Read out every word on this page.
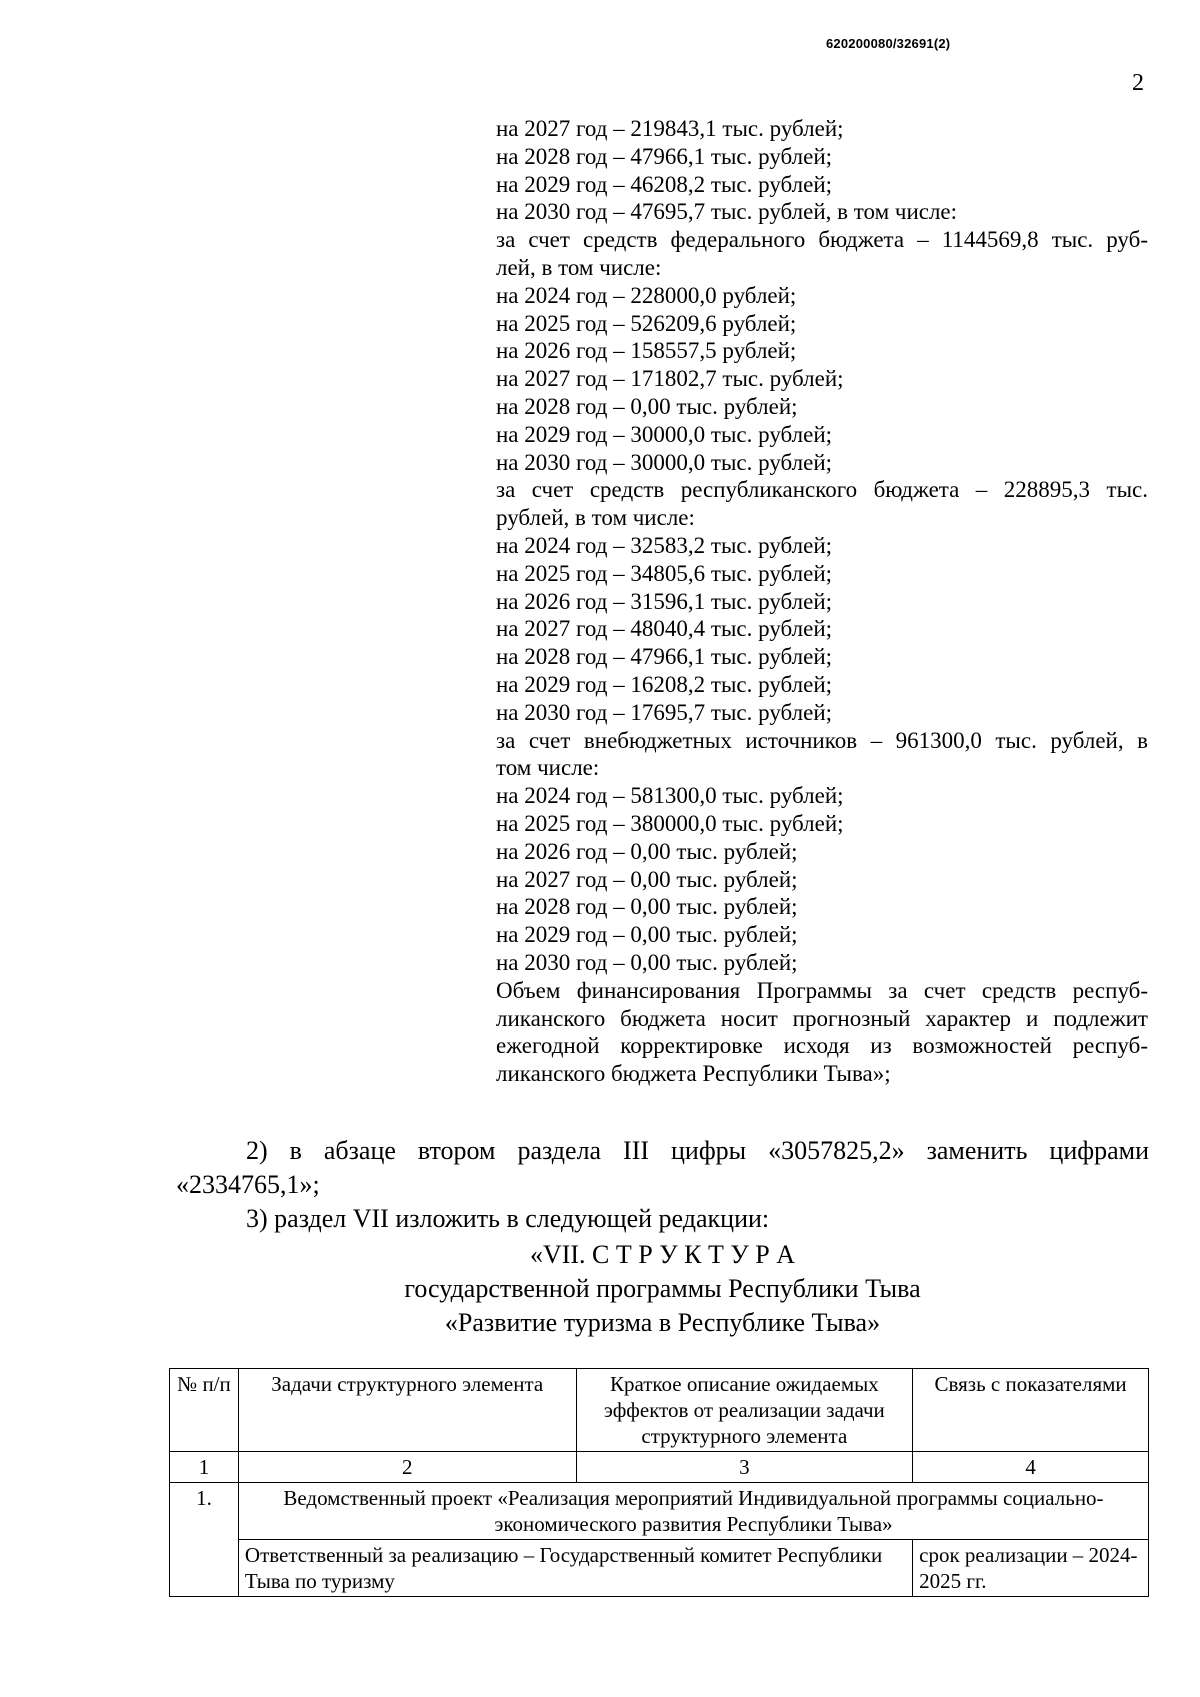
620200080/32691(2)
2
на 2027 год – 219843,1 тыс. рублей;
на 2028 год – 47966,1 тыс. рублей;
на 2029 год – 46208,2 тыс. рублей;
на 2030 год – 47695,7 тыс. рублей, в том числе:
за счет средств федерального бюджета – 1144569,8 тыс. руб-
лей, в том числе:
на 2024 год – 228000,0 рублей;
на 2025 год – 526209,6 рублей;
на 2026 год – 158557,5 рублей;
на 2027 год – 171802,7 тыс. рублей;
на 2028 год – 0,00 тыс. рублей;
на 2029 год – 30000,0 тыс. рублей;
на 2030 год – 30000,0 тыс. рублей;
за счет средств республиканского бюджета – 228895,3 тыс.
рублей, в том числе:
на 2024 год – 32583,2 тыс. рублей;
на 2025 год – 34805,6 тыс. рублей;
на 2026 год – 31596,1 тыс. рублей;
на 2027 год – 48040,4 тыс. рублей;
на 2028 год – 47966,1 тыс. рублей;
на 2029 год – 16208,2 тыс. рублей;
на 2030 год – 17695,7 тыс. рублей;
за счет внебюджетных источников – 961300,0 тыс. рублей, в
том числе:
на 2024 год – 581300,0 тыс. рублей;
на 2025 год – 380000,0 тыс. рублей;
на 2026 год – 0,00 тыс. рублей;
на 2027 год – 0,00 тыс. рублей;
на 2028 год – 0,00 тыс. рублей;
на 2029 год – 0,00 тыс. рублей;
на 2030 год – 0,00 тыс. рублей;
Объем финансирования Программы за счет средств респуб-
ликанского бюджета носит прогнозный характер и подлежит
ежегодной корректировке исходя из возможностей респуб-
ликанского бюджета Республики Тыва»;
2) в абзаце втором раздела III цифры «3057825,2» заменить цифрами
«2334765,1»;
3) раздел VII изложить в следующей редакции:
«VII. С Т Р У К Т У Р А
государственной программы Республики Тыва
«Развитие туризма в Республике Тыва»
№ п/п	Задачи структурного элемента	Краткое описание ожидаемых эффектов от реализации задачи структурного элемента	Связь с показателями
1	2	3	4
1.	Ведомственный проект «Реализация мероприятий Индивидуальной программы социально-экономического развития Республики Тыва»		
	Ответственный за реализацию – Государственный комитет Республики Тыва по туризму		срок реализации – 2024-2025 гг.
